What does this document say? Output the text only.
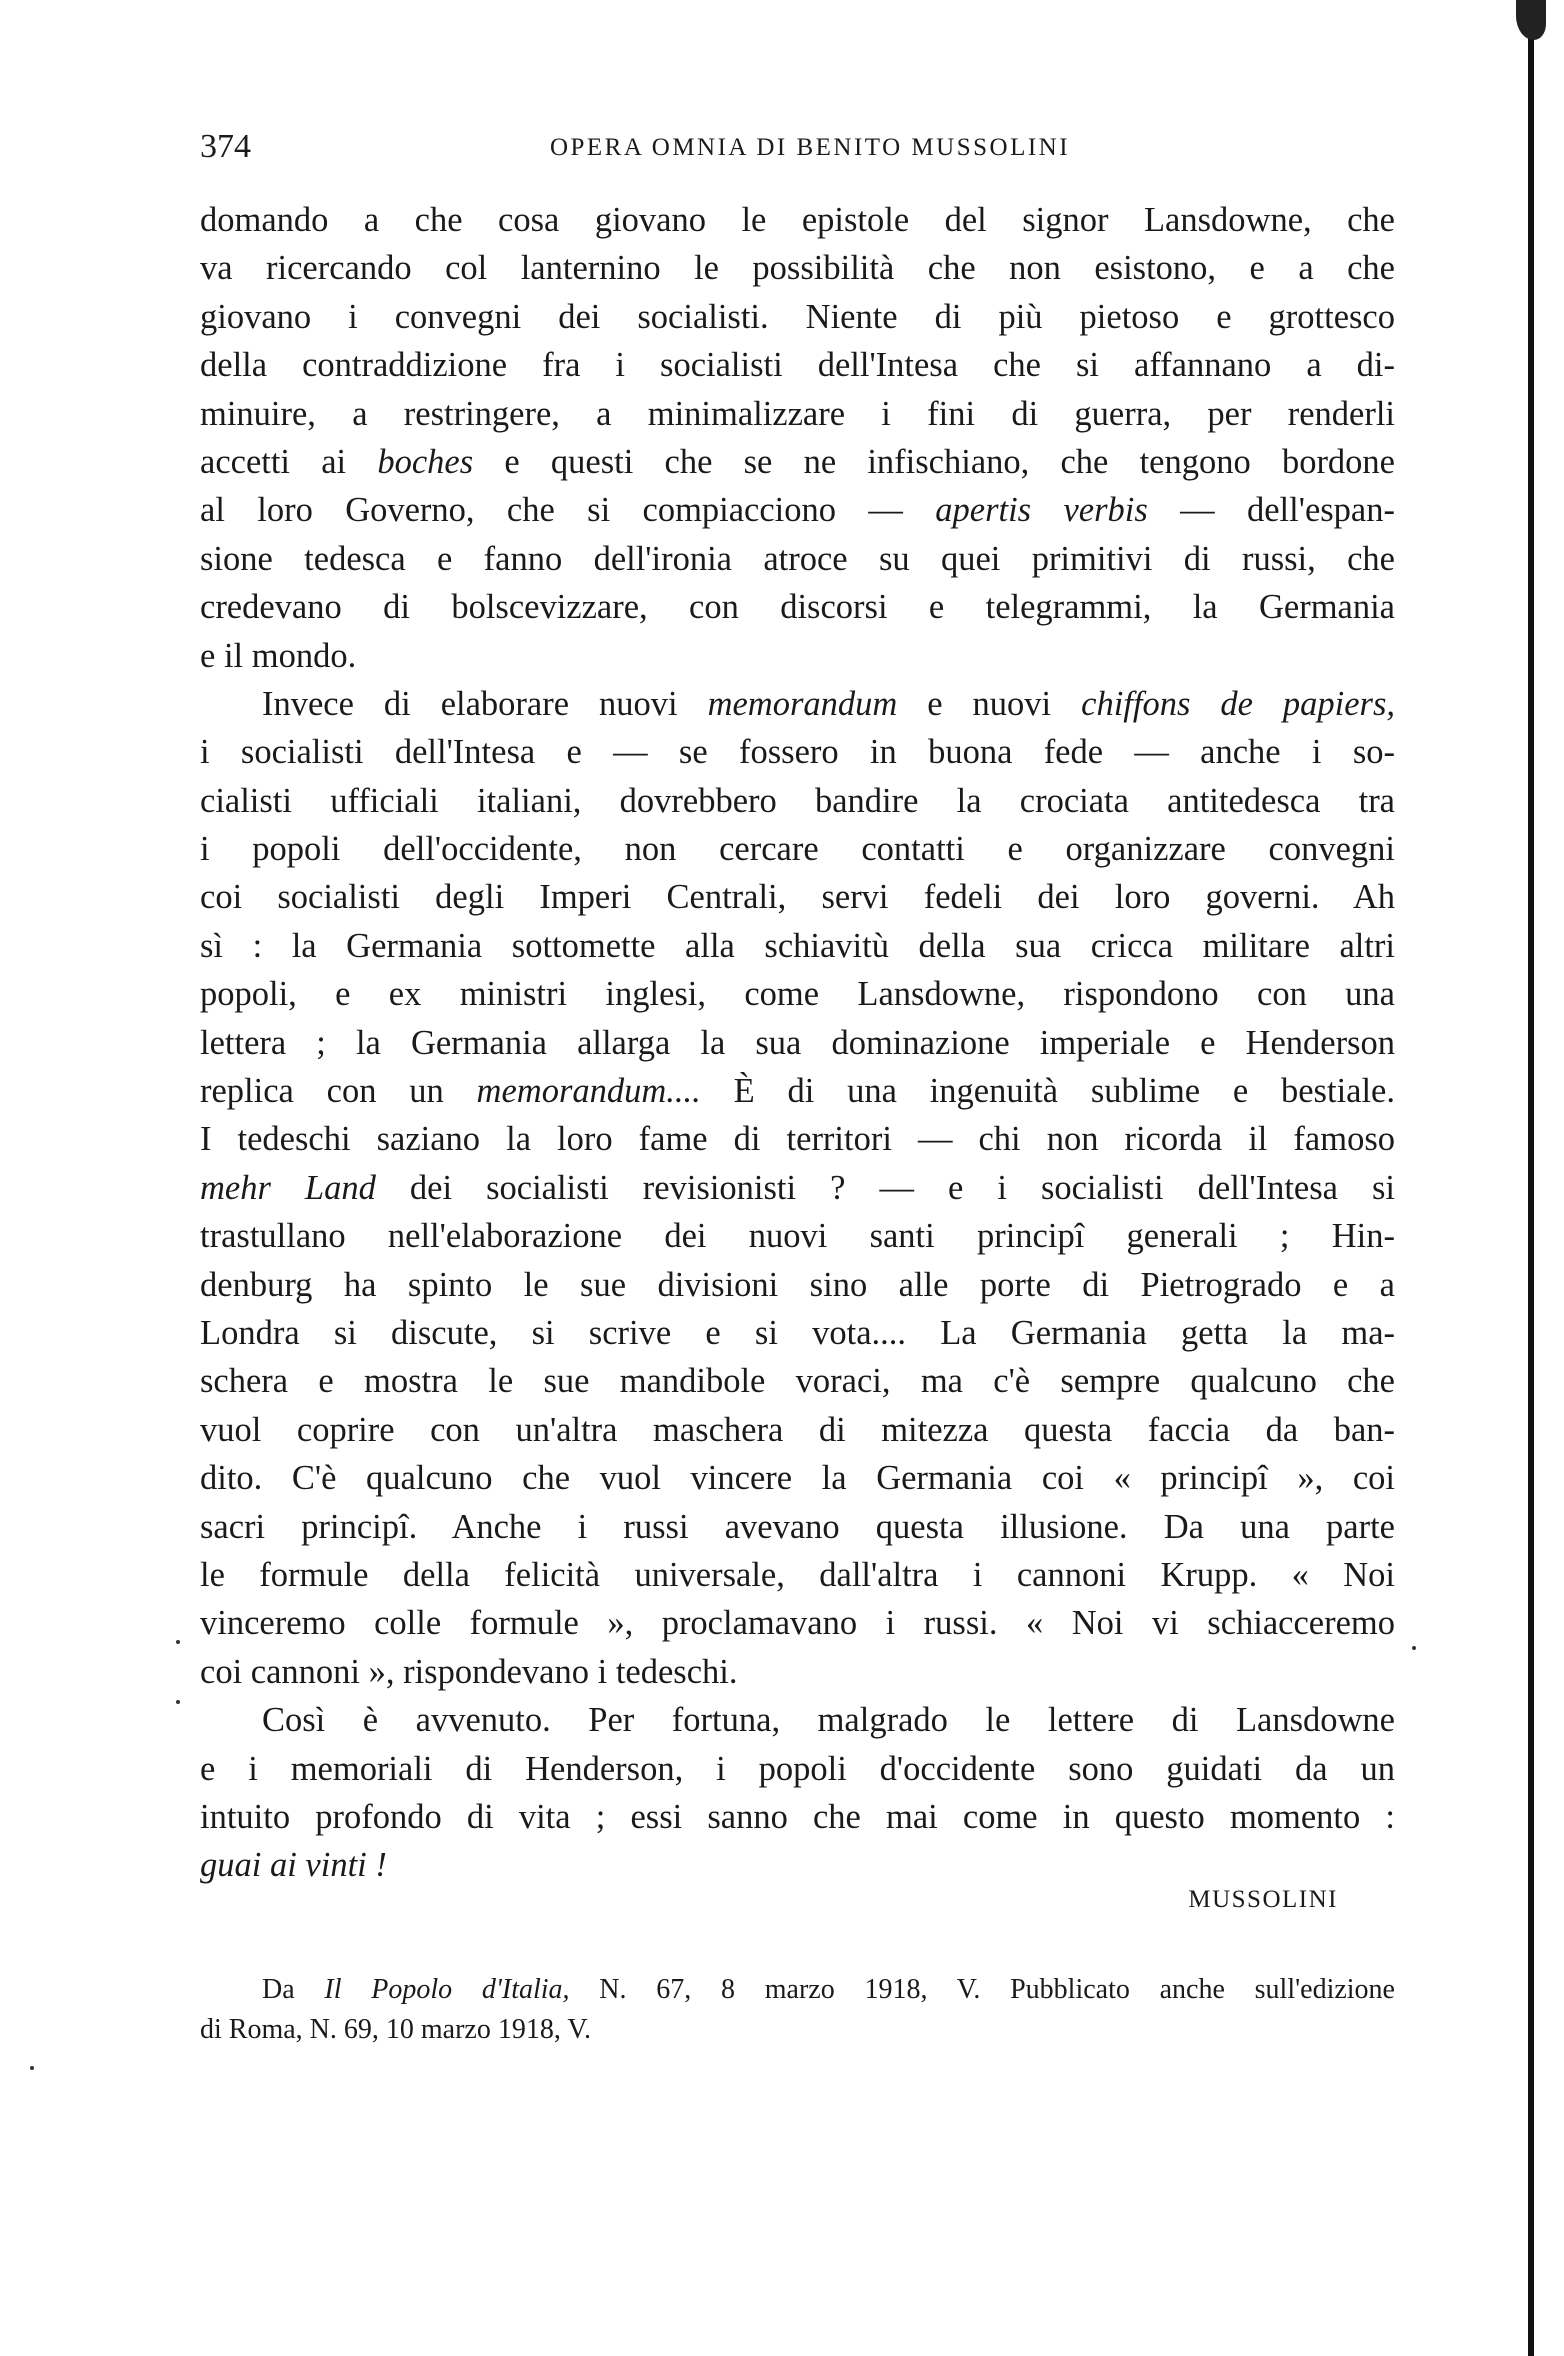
374	OPERA OMNIA DI BENITO MUSSOLINI
domando a che cosa giovano le epistole del signor Lansdowne, che
va ricercando col lanternino le possibilità che non esistono, e a che
giovano i convegni dei socialisti. Niente di più pietoso e grottesco
della contraddizione fra i socialisti dell'Intesa che si affannano a di-
minuire, a restringere, a minimalizzare i fini di guerra, per renderli
accetti ai boches e questi che se ne infischiano, che tengono bordone
al loro Governo, che si compiacciono — apertis verbis — dell'espan-
sione tedesca e fanno dell'ironia atroce su quei primitivi di russi, che
credevano di bolscevizzare, con discorsi e telegrammi, la Germania
e il mondo.
Invece di elaborare nuovi memorandum e nuovi chiffons de papiers,
i socialisti dell'Intesa e — se fossero in buona fede — anche i so-
cialisti ufficiali italiani, dovrebbero bandire la crociata antitedesca tra
i popoli dell'occidente, non cercare contatti e organizzare convegni
coi socialisti degli Imperi Centrali, servi fedeli dei loro governi. Ah
sì : la Germania sottomette alla schiavitù della sua cricca militare altri
popoli, e ex ministri inglesi, come Lansdowne, rispondono con una
lettera ; la Germania allarga la sua dominazione imperiale e Henderson
replica con un memorandum.... È di una ingenuità sublime e bestiale.
I tedeschi saziano la loro fame di territori — chi non ricorda il famoso
mehr Land dei socialisti revisionisti ? — e i socialisti dell'Intesa si
trastullano nell'elaborazione dei nuovi santi principî generali ; Hin-
denburg ha spinto le sue divisioni sino alle porte di Pietrogrado e a
Londra si discute, si scrive e si vota.... La Germania getta la ma-
schera e mostra le sue mandibole voraci, ma c'è sempre qualcuno che
vuol coprire con un'altra maschera di mitezza questa faccia da ban-
dito. C'è qualcuno che vuol vincere la Germania coi « principî », coi
sacri principî. Anche i russi avevano questa illusione. Da una parte
le formule della felicità universale, dall'altra i cannoni Krupp. « Noi
vinceremo colle formule », proclamavano i russi. « Noi vi schiacceremo
coi cannoni », rispondevano i tedeschi.
Così è avvenuto. Per fortuna, malgrado le lettere di Lansdowne
e i memoriali di Henderson, i popoli d'occidente sono guidati da un
intuito profondo di vita ; essi sanno che mai come in questo momento :
guai ai vinti !
MUSSOLINI
Da Il Popolo d'Italia, N. 67, 8 marzo 1918, V. Pubblicato anche sull'edizione
di Roma, N. 69, 10 marzo 1918, V.
